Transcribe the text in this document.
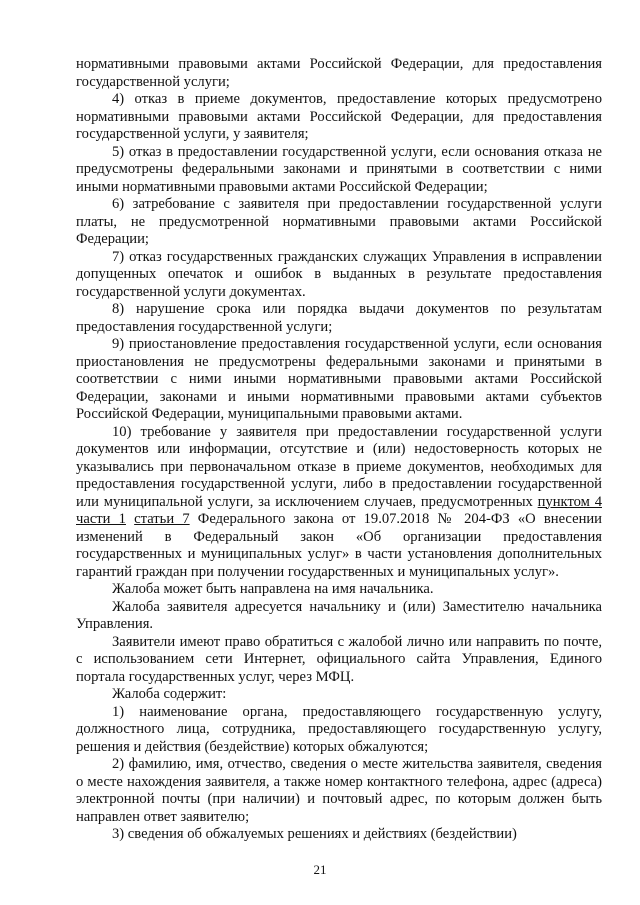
нормативными правовыми актами Российской Федерации, для предоставления государственной услуги;

4) отказ в приеме документов, предоставление которых предусмотрено нормативными правовыми актами Российской Федерации, для предоставления государственной услуги, у заявителя;

5) отказ в предоставлении государственной услуги, если основания отказа не предусмотрены федеральными законами и принятыми в соответствии с ними иными нормативными правовыми актами Российской Федерации;

6) затребование с заявителя при предоставлении государственной услуги платы, не предусмотренной нормативными правовыми актами Российской Федерации;

7) отказ государственных гражданских служащих Управления в исправлении допущенных опечаток и ошибок в выданных в результате предоставления государственной услуги документах.

8) нарушение срока или порядка выдачи документов по результатам предоставления государственной услуги;

9) приостановление предоставления государственной услуги, если основания приостановления не предусмотрены федеральными законами и принятыми в соответствии с ними иными нормативными правовыми актами Российской Федерации, законами и иными нормативными правовыми актами субъектов Российской Федерации, муниципальными правовыми актами.

10) требование у заявителя при предоставлении государственной услуги документов или информации, отсутствие и (или) недостоверность которых не указывались при первоначальном отказе в приеме документов, необходимых для предоставления государственной услуги, либо в предоставлении государственной или муниципальной услуги, за исключением случаев, предусмотренных пунктом 4 части 1 статьи 7 Федерального закона от 19.07.2018 № 204-ФЗ «О внесении изменений в Федеральный закон «Об организации предоставления государственных и муниципальных услуг» в части установления дополнительных гарантий граждан при получении государственных и муниципальных услуг».

Жалоба может быть направлена на имя начальника.

Жалоба заявителя адресуется начальнику и (или) Заместителю начальника Управления.

Заявители имеют право обратиться с жалобой лично или направить по почте, с использованием сети Интернет, официального сайта Управления, Единого портала государственных услуг, через МФЦ.

Жалоба содержит:

1) наименование органа, предоставляющего государственную услугу, должностного лица, сотрудника, предоставляющего государственную услугу, решения и действия (бездействие) которых обжалуются;

2) фамилию, имя, отчество, сведения о месте жительства заявителя, сведения о месте нахождения заявителя, а также номер контактного телефона, адрес (адреса) электронной почты (при наличии) и почтовый адрес, по которым должен быть направлен ответ заявителю;

3) сведения об обжалуемых решениях и действиях (бездействии)

21
